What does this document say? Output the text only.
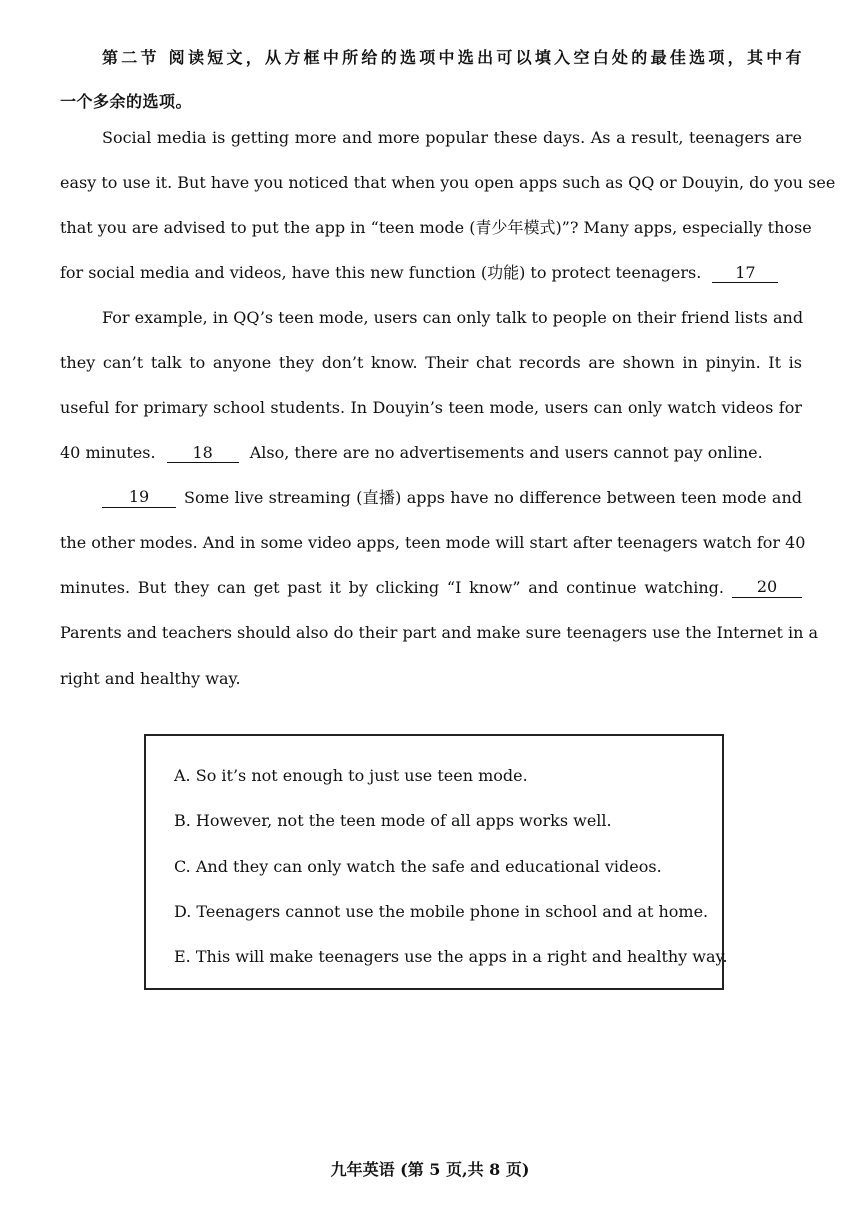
第二节 阅读短文，从方框中所给的选项中选出可以填入空白处的最佳选项，其中有
一个多余的选项。
Social media is getting more and more popular these days. As a result, teenagers are
easy to use it. But have you noticed that when you open apps such as QQ or Douyin, do you see
that you are advised to put the app in “teen mode (青少年模式)”? Many apps, especially those
for social media and videos, have this new function (功能) to protect teenagers. 17
For example, in QQ’s teen mode, users can only talk to people on their friend lists and
they can’t talk to anyone they don’t know. Their chat records are shown in pinyin. It is
useful for primary school students. In Douyin’s teen mode, users can only watch videos for
40 minutes. 18 Also, there are no advertisements and users cannot pay online.
19	Some live streaming (直播) apps have no difference between teen mode and
the other modes. And in some video apps, teen mode will start after teenagers watch for 40
minutes. But they can get past it by clicking “I know” and continue watching.	20
Parents and teachers should also do their part and make sure teenagers use the Internet in a
right and healthy way.
A. So it’s not enough to just use teen mode.
B. However, not the teen mode of all apps works well.
C. And they can only watch the safe and educational videos.
D. Teenagers cannot use the mobile phone in school and at home.
E. This will make teenagers use the apps in a right and healthy way.
九年英语 (第 5 页,共 8 页)
